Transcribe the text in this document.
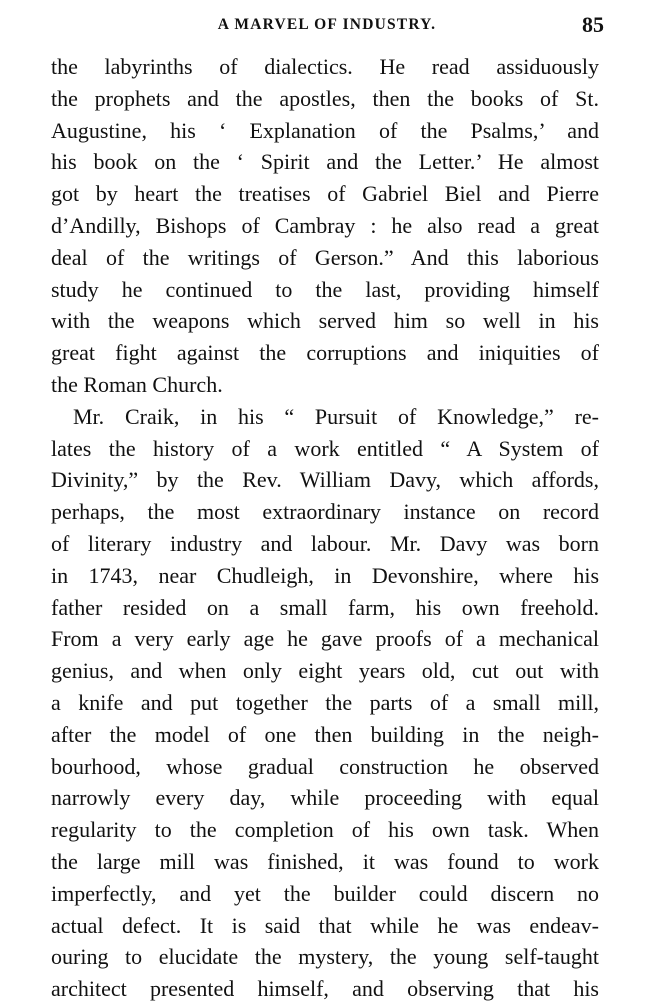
A MARVEL OF INDUSTRY.	85
the labyrinths of dialectics. He read assiduously
the prophets and the apostles, then the books of St.
Augustine, his ‘ Explanation of the Psalms,’ and
his book on the ‘ Spirit and the Letter.’ He almost
got by heart the treatises of Gabriel Biel and Pierre
d’Andilly, Bishops of Cambray : he also read a great
deal of the writings of Gerson.” And this laborious
study he continued to the last, providing himself
with the weapons which served him so well in his
great fight against the corruptions and iniquities of
the Roman Church.
Mr. Craik, in his “ Pursuit of Knowledge,” re-
lates the history of a work entitled “ A System of
Divinity,” by the Rev. William Davy, which affords,
perhaps, the most extraordinary instance on record
of literary industry and labour. Mr. Davy was born
in 1743, near Chudleigh, in Devonshire, where his
father resided on a small farm, his own freehold.
From a very early age he gave proofs of a mechanical
genius, and when only eight years old, cut out with
a knife and put together the parts of a small mill,
after the model of one then building in the neigh-
bourhood, whose gradual construction he observed
narrowly every day, while proceeding with equal
regularity to the completion of his own task. When
the large mill was finished, it was found to work
imperfectly, and yet the builder could discern no
actual defect. It is said that while he was endeav-
ouring to elucidate the mystery, the young self-taught
architect presented himself, and observing that his
